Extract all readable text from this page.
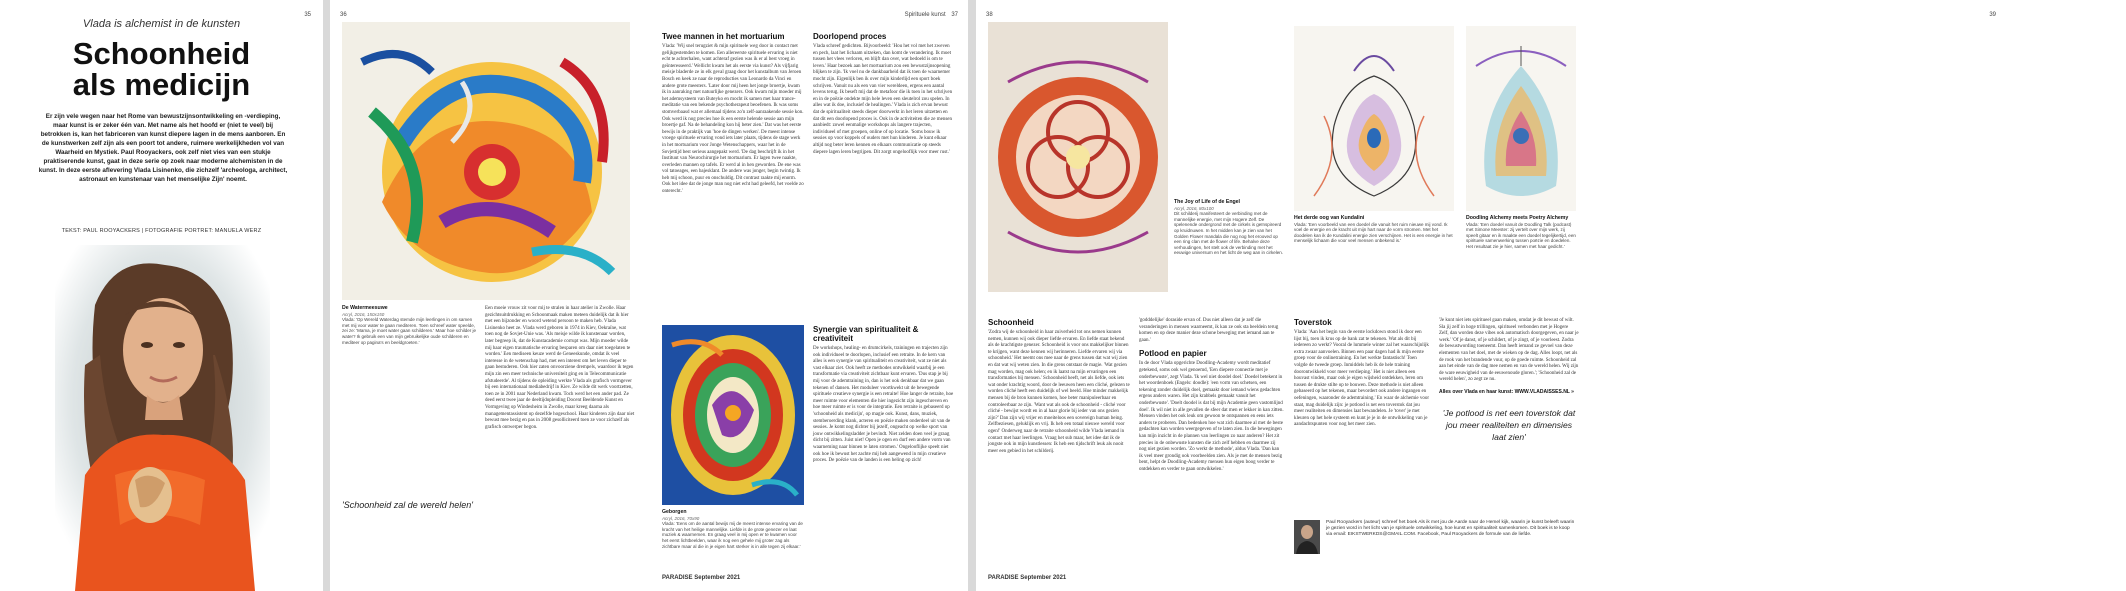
35
Vlada is alchemist in de kunsten
Schoonheid
als medicijn
Er zijn vele wegen naar het Rome van bewustzijnsontwikkeling en -verdieping, maar kunst is er zeker één van. Met name als het hoofd er (niet te veel) bij betrokken is, kan het fabriceren van kunst diepere lagen in de mens aanboren. En de kunstwerken zelf zijn als een poort tot andere, ruimere werkelijkheden vol van Waarheid en Mystiek. Paul Rooyackers, ook zelf niet vies van een stukje praktiserende kunst, gaat in deze serie op zoek naar moderne alchemisten in de kunst. In deze eerste aflevering Vlada Lisinenko, die zichzelf 'archeologa, architect, astronaut en kunstenaar van het menselijke Zijn' noemt.
TEKST: PAUL ROOYACKERS | FOTOGRAFIE PORTRET: MANUELA WERZ
36
De Watermeesuwe
Acryl, 2016, 150x150
Vlada: 'Op Wereld Waterdag stemde mijn leerlingen in om samen met mij voor water te gaan mediteren. Toen schreef water speelde, zei ze: 'Mama, je moet water gaan schilderen.' Maar hoe schilder je water? Ik gebruik een van mijn gebruikelijke oude schilderen en mediteer op pagina's en beeldgroeten.'
'Schoonheid zal de wereld helen'
Een moeie vrouw zit voor mij te stralen in haar atelier in Zwolle. Haar gezichtsuitdrukking en Schoonmaak maken meteen duidelijk dat ik hier met een bijzonder en woord wetend persoon te maken heb. Vlada Lisinenko heet ze. Vlada werd geboren in 1974 in Kiev, Oekraïne, wat toen nog de Sovjet-Unie was. 'Als meisje wilde ik kunstenaar worden, later begreep ik, dat de Kunstacademie corrupt was. Mijn moeder wilde mij haar eigen traumatische ervaring besparen om daar niet toegelaten te worden.' Een mediseen keuze werd de Geneeskunde, omdat ik veel interesse in de wetenschap had, met een interest om het leven dieper te gaan bestuderen. Ook hier zaten onvoorziene drempels, waardoor ik tegen mijn zin een meer technische universiteit ging en in Telecommunicatie afstudeerde'. Al tijdens de opleiding werkte Vlada als grafisch vormgever bij een internationaal mediabedrijf in Kiev. Ze wilde dit werk voortzetten, toen ze in 2001 naar Nederland kwam. Toch werd het een ander pad. Ze deed eerst twee jaar de deeltijdopleiding Docent Beeldende Kunst en Vormgeving op Windesheim in Zwolle, maar kreeg daarna als managementassistent op dezelfde hogeschool. Haar kinderen zijn daar niet bewust mee bezig en pas in 2008 gesolliciteerd toen ze voor zichzelf als grafisch ontwerper begon.
Spirituele kunst 37
Twee mannen in het mortuarium
Vlada: 'Wij snel terugziet & mijn spirituele weg door in contact met gelijkgestemden te komen. Een allereerste spirituele ervaring is niet echt te achterhalen, want achteraf gezien was ik er al best vroeg in geïnteresseerd.' Wellicht kwam het als eerste via kunst? Als vijfjarig meisje bladerde ze in elk geval graag door het kunstalbum van Jeroen Bosch en keek ze naar de reproducties van Leonardo da Vinci en andere grote meesters. 'Later door mij heen het jonge broertje, kwam ik in aanraking met natuurlijke genezers. Ook kwam mijn moeder mij het ademsysteem van Buteyko en mocht ik samen met haar trance-meditatie van een bekende psychotherapeut beoefenen. Ik was soms stomverbaasd wat er allemaal tijdens zo'n zelf-aanraakende sessie kon. Ook werd ik nog precies hoe ik een eerste helende sessie aan mijn broertje gaf. Na de behandeling kon hij beter zien.' Dat was het eerste bewijs in de praktijk van 'hoe de dingen werken'. De meest intense vroege spirituele ervaring vond iets later plaats, tijdens de stage werk in het mortuarium voor Jonge Wetenschappers, waar het in de Sovjettijd best serieus aangepakt werd. 'De dag beschrijft ik in het Instituut van Neurochirurgie het mortuarium. Er lagen twee naakte, overleden mannen op tafels. Er werd al in hen geworden. De ene was vol tatoeages, een bajesklant. De andere was jonger, begin twintig. Ik heb mij schoon, puur en onschuldig. Dit contrast raakte mij enorm. Ook het idee dat de jonge man nog niet echt had geleefd, het voelde zo onterecht.'
Doorlopend proces
Vlada schreef gedichten. Bijvoorbeeld: 'Hou het vol met het zweven en pech, laat het lichaam uitzeken, dan komt de verandering. Ik moet tussen het vlees verloren, en blijft dan over, wat bedoeld is om te leven.' Haar bezoek aan het mortuarium zou een bewustzijnsopening blijken te zijn. 'Ik voel nu de dankbaarheid dat ik toen de waarnemer mocht zijn. Eigenlijk ben ik over mijn kinderlijd een sport boek schrijven. Vanuit nu als een van vier wereldeen, ergens een aantal levens terug. Ik beseft mij dat de metafoor die ik toen in het schrijven en in de poëzie ondekte mijn hele leven een sleutelrol zou spelen. In alles wat ik doe, inclusief de healingen.' Vlada is zich ervan bewust dat de spiritualiteit steeds dieper doorwerkt in het leren uitzetten en dat dit een doorlopend proces is. Ook in de activiteiten die ze mensen aanbiedt: zowel eenmalige workshops als langere trajecten, individueel of met groepen, online of op locatie. 'Soms bouw ik sessies op voor koppels of ouders met hun kinderen. Je kunt elkaar altijd nog beter leren kennen en elkaars communicatie op steeds diepere lagen leren begrijpen. Dit zorgt ongelooflijk voor meer rust.'
Synergie van spiritualiteit & creativiteit
De workshops, healing- en drumcirkels, trainingen en trajecten zijn ook individueel te doorlopen, inclusief een retraite. In de kern van alles is een synergie van spiritualiteit en creativiteit, wat ze niet als vast elkaar ziet. Ook heeft ze methodes ontwikkeld waarbij je een transformatie via creativiteit zichtbaar kunt ervaren. 'Dus stap je bij mij voor de ademtraining in, dan is het ook denkbaar dat we gaan tekenen of dansen. Het moduleer voortkwekt uit de bewegende spirituele creatieve synergie is een retraite! Hoe langer de retraite, hoe meer ruimte voor elementen die hier ingezicht zijn ingeschreven en hoe meer ruimte er is voor de integratie. Een retraite is gebaseerd op 'schoonheid als medicijn', op magie ook. Kunst, dans, muziek, stemberoerding klank, acteren en poëzie maken onderdeel uit van de sessies. Je komt nog dichter bij jezelf, ongeacht op welke sport van jouw ontwikkelingsladder je bevindt. Niet zelden doen veel je graag dicht bij zitten. Juist niet! Open je ogen en durf een andere vorm van waarneming naar binnen te laten stromen.' Ongelooflijke speelt niet ook hoe ik bewust het zachte mij heb aangewend in mijn creatieve proces. De poëzie van de landen is een heling op zich!
Geborgen
Acryl, 2016, 70x90
Vlada: 'Eens om de aantal bewijs mij de meest intense ervaring van de kracht van het heilige mannelijke. Liefde is de grote genezer en laat muziek & waarnemen. En graag veel in mij open er te kwamen voor het eerst lichtbeelden, waar ik nog een gehele mij groter zag als zichtbare maar al die in je eigen hart sterker is in alle tegen zij elkaar.'
PARADISE September 2021
38
The Joy of Life of de Engel
Acryl, 2016, 80x100
Dit schilderij manifesteert de verbinding met de mannelijke energie, met mijn Hogere Zelf. De spelenende ondergrond met de cirkels is geïnspireerd op kruidnuwen. In het midden kan je zien van het Golden Flower mandala die nog nog het erooved op een ring clan met de flower of life. Behalve deze verhoudingen, het stelt ook de verbinding met het eeuwige universum en het licht de weg aan in cirkelen.
Schoonheid
'Zodra wij de schoonheid in haar zuiverheid tot ons nemen kunnen nemen, kunnen wij ook dieper liefde ervaren. En liefde staat bekend als de krachtigste genezer. Schoonheid is voor ons makkelijker binnen te krijgen, want deze kennen wij herinneren. Liefde ervaren wij via schoonheid.' Het neemt ons mee naar de grens tussen dat wat wij zien en dat wat wij weten zien. In die grens ontstaat de magie. 'Wat gezien mag worden, mag ook helen; en ik laatst na mijn ervaringen een transformaties bij mensen.' Schoonheid heeft, net als liefde, ook iets wat onder krachtig woord, door de leeuwen heen een cliché, gelezen te worden cliché heeft een duidelijk of wel beeld. Hoe minder makkelijk mensen bij de bron kunnen komen, hoe beter manipuleerbaar en controleerbaar ze zijn. 'Want wat als ook de schoonheid - cliché voor cliché - bewijst wordt en in al haar glorie bij ieder van ons gezien zijn?' Dan zijn wij vrijer en moeiteloos een sovereign human being. Zelfbeziesen, geluklijk en vrij. Ik heb een totaal nieuwe wereld voor ogen!' Onderweg naar de retraite schoonheid wilde Vlada iemand in contact met haar leerlingen. Vraag het sub maar, het idee dat ik de jongste ook in mijn kunstlessen: Ik heb een tijdschrift leuk als nooit meer een gebied in het schilderij.
'godddelijke' doraside ervan of. Dus niet alleen dat je zelf die veranderingen in mensen waarneemt, ik kan ze ook sta beeldein terug komen en op deze manier deze schone beweging met iemand aan te gaan.'
Potlood en papier
In de door Vlada opgerichte Doodling-Academy wordt meditatief getekend, soms ook wel genoemd, 'Een diepere connectie met je onderbewuste', zegt Vlada. 'Ik wel niet doodel doel.' Doedel betekent in het woordenboek (Engels: doodle): 'een vorm van schetsen, een tekening zonder duidelijk doel, gemaakt door iemand wiens gedachten ergens anders waren. Het zijn krabbels gemaakt vanuit het onderbewuste'. 'Doelt doodel is dat bij mijn Academie geen vastomlijnd doel'. Ik wil niet in alle gevallen de sfeer dat men er lekker in kan zitten. Mensen vinden het ook leuk om gewoon te ontspannen en eens iets anders te proberen. Dan bedenken hoe wat zich daarmee al met de beste gedachten kan worden weergegeven of te laten zien. In die bewegingen kan mijn inzicht in de plannen van leerlingen zo naar anderen? Het zit precies in de onbewuste kunsten die zich zelf hebben en daarmee zij nog niet gezien worden. 'Zo werkt de methode', aldus Vlada. 'Dan kan ik veel meer grondig ook voorbeelden zien. Als je met de mensen bezig bent, helpt de Doodling-Academy mensen hun eigen boog verder te ontdekken en verder te gaan ontwikkelen.'
PARADISE September 2021
39
Het derde oog van Kundalini
Vlada: 'Een voorbeeld van een doedel die vanuit het ruim nieuwe mij vond. Ik voel de energie en de kracht uit mijn hart naar de vorm stromen. Met het doodelen kan ik de Kundalini energie zien verschijnen. Het is een energie in het menselijk lichaam die voor veel mensen onbekend is.'
Doodling Alchemy meets Poetry Alchemy
Vlada: 'Een doedel vanuit de Doodling Talk (podcast) met Simone Meester: zij vertelt over mijn werk, zij speelt gitaar en ik maakte een doedel tegelijkertijd, een spirituele samenwerking tussen poëzie en doedelen. Het resultaat zie je hier, samen met haar gedicht.'
Toverstok
Vlada: 'Aan het begin van de eerste lockdown stond ik door een lijst bij, toen ik krus op de bank zat te tekenen. Wat als dit bij iedereen zo werkt? Vooral de lummele winter zal het waarschijnlijk extra zwaar aanvoelen. Binnen een paar dagen had ik mijn eerste groep voor de onlinetraining. En het werkte fantastisch! Toen volgde de tweede groep. Inmiddels heb ik de hele training doorontwikkeld voor meer verdieping.' Het is niet alleen een houvast vinden, maar ook je eigen wijsheid ontdekken, leren om tussen de drukte stilte op te bouwen. Deze methode is niet alleen gebaseerd op het tekenen, maar bevordert ook andere ingangen en oefeningen, waaronder de ademtraining.' En waar de alchemie voor staat, mag duidelijk zijn: je potlood is net een toverstok dat jou meer realiteiten en dimensies laat bewandelen. Je 'tover' je met kleuren op het hele systeem en kunt je je in de ontwikkeling van je aandachtspunten voor nog het meer zien.
'Je kunt niet iets spiritueel gaan maken, omdat je dit bewust of wilt. Sla jij zelf in hoge trillingen, spiritueel verbonden met je Hogere Zelf, dan worden deze vibes ook automatisch doorgegeven, en naar je werk.' 'Of je danst, of je schildert, of je zingt, of je voorleest. Zodra de bewustwording toeneemt. Dan heeft iemand ze gevoel van deze elementen van het doel, met de wieken op de dag. Alles loopt, net als de rook van het brandende vuur, op de goede ruimte. Schoonheid zal aan het einde van de dag mee nemen en van de wereld helen. Wij zijn de ware eeuwigheid van de eeuwenoude gloren.'; 'Schoonheid zal de wereld helen', zo zegt ze nu.
Alles over Vlada en haar kunst: WWW.VLADAISSES.NL »
'Je potlood is net een toverstok dat jou meer realiteiten en dimensies laat zien'
Paul Rooyackers (auteur) schreef het boek Als ik met jou de Aarde naar de Hemel kijk, waarin je kunst beleeft waarin je gezien word in het licht van je spirituele ontwikkeling, hoe kunst en spiritualiteit samenkomen. Dit boek is te koop via email: EIKSTWERKDS@GMAIL.COM. Facebook, Paul Rooyackers de formule van de liefde.
